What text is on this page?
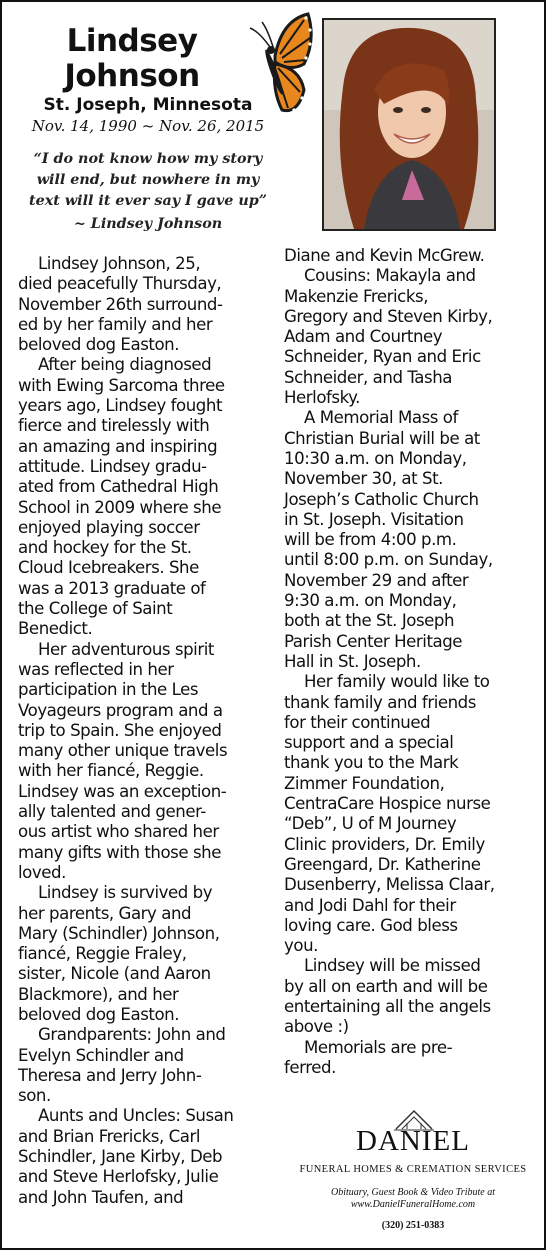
Lindsey
Johnson
St. Joseph, Minnesota
Nov. 14, 1990 ~ Nov. 26, 2015
“I do not know how my story
will end, but nowhere in my
text will it ever say I gave up”
~ Lindsey Johnson
Lindsey Johnson, 25,
died peacefully Thursday,
November 26th surround-
ed by her family and her
beloved dog Easton.
After being diagnosed
with Ewing Sarcoma three
years ago, Lindsey fought
fierce and tirelessly with
an amazing and inspiring
attitude. Lindsey gradu-
ated from Cathedral High
School in 2009 where she
enjoyed playing soccer
and hockey for the St.
Cloud Icebreakers. She
was a 2013 graduate of
the College of Saint
Benedict.
Her adventurous spirit
was reflected in her
participation in the Les
Voyageurs program and a
trip to Spain. She enjoyed
many other unique travels
with her fiancé, Reggie.
Lindsey was an exception-
ally talented and gener-
ous artist who shared her
many gifts with those she
loved.
Lindsey is survived by
her parents, Gary and
Mary (Schindler) Johnson,
fiancé, Reggie Fraley,
sister, Nicole (and Aaron
Blackmore), and her
beloved dog Easton.
Grandparents: John and
Evelyn Schindler and
Theresa and Jerry John-
son.
Aunts and Uncles: Susan
and Brian Frericks, Carl
Schindler, Jane Kirby, Deb
and Steve Herlofsky, Julie
and John Taufen, and
Diane and Kevin McGrew.
Cousins: Makayla and
Makenzie Frericks,
Gregory and Steven Kirby,
Adam and Courtney
Schneider, Ryan and Eric
Schneider, and Tasha
Herlofsky.
A Memorial Mass of
Christian Burial will be at
10:30 a.m. on Monday,
November 30, at St.
Joseph’s Catholic Church
in St. Joseph. Visitation
will be from 4:00 p.m.
until 8:00 p.m. on Sunday,
November 29 and after
9:30 a.m. on Monday,
both at the St. Joseph
Parish Center Heritage
Hall in St. Joseph.
Her family would like to
thank family and friends
for their continued
support and a special
thank you to the Mark
Zimmer Foundation,
CentraCare Hospice nurse
“Deb”, U of M Journey
Clinic providers, Dr. Emily
Greengard, Dr. Katherine
Dusenberry, Melissa Claar,
and Jodi Dahl for their
loving care. God bless
you.
Lindsey will be missed
by all on earth and will be
entertaining all the angels
above :)
Memorials are pre-
ferred.
DANIEL
FUNERAL HOMES & CREMATION SERVICES
Obituary, Guest Book & Video Tribute at
www.DanielFuneralHome.com
(320) 251-0383
